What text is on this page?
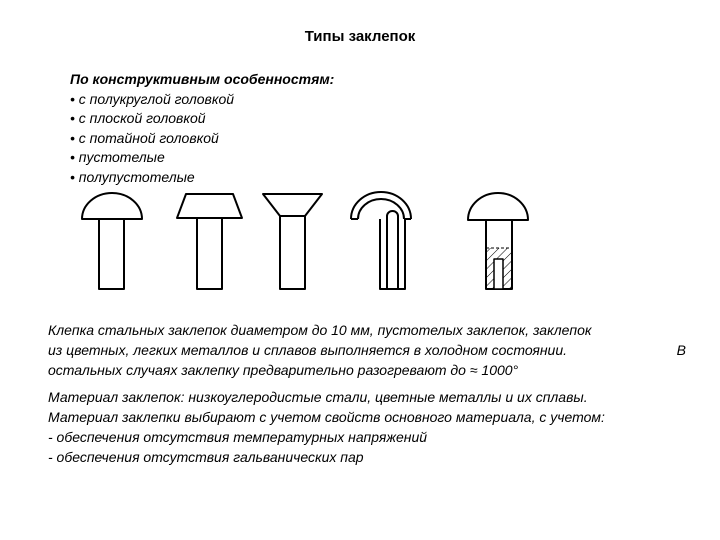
Типы заклепок
По конструктивным особенностям:
• с полукруглой головкой
• с плоской головкой
• с потайной головкой
• пустотелые
• полупустотелые
Клепка стальных заклепок диаметром до 10 мм, пустотелых заклепок, заклепок
из цветных, легких металлов и сплавов выполняется в холодном состоянии.	В
остальных случаях заклепку предварительно разогревают до ≈ 1000°
Материал заклепок: низкоуглеродистые стали, цветные металлы и их сплавы.
Материал заклепки выбирают с учетом свойств основного материала, с учетом:
- обеспечения отсутствия температурных напряжений
- обеспечения отсутствия гальванических пар
